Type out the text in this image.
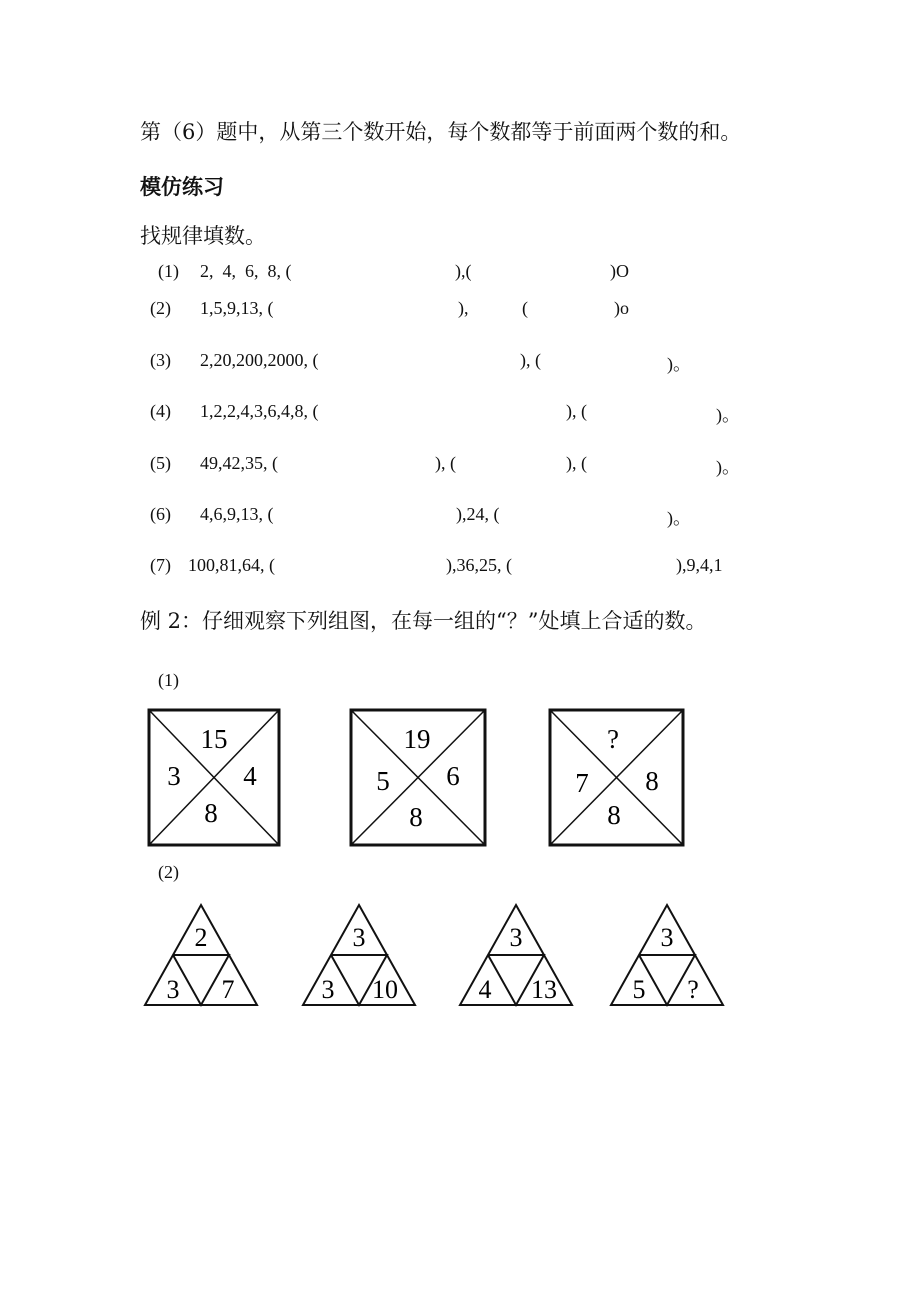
第（6）题中，从第三个数开始，每个数都等于前面两个数的和。
模仿练习
找规律填数。
(1) 2,  4,  6,  8, (	),(	)O
(2) 1,5,9,13, (	),	(	)o
(3) 2,20,200,2000, (	), (	)。
(4) 1,2,2,4,3,6,4,8, (	), (	)。
(5) 49,42,35, (	), (	), (	)。
(6) 4,6,9,13, (	),24, (	)。
(7) 100,81,64, (	),36,25, (	),9,4,1
例 2：仔细观察下列组图，在每一组的“？”处填上合适的数。
(1)
15
3 4
8
19
5 6
8
?
7 8
8
(2)
2
3 7
3
3 10
3
4 13
3
5 ?
